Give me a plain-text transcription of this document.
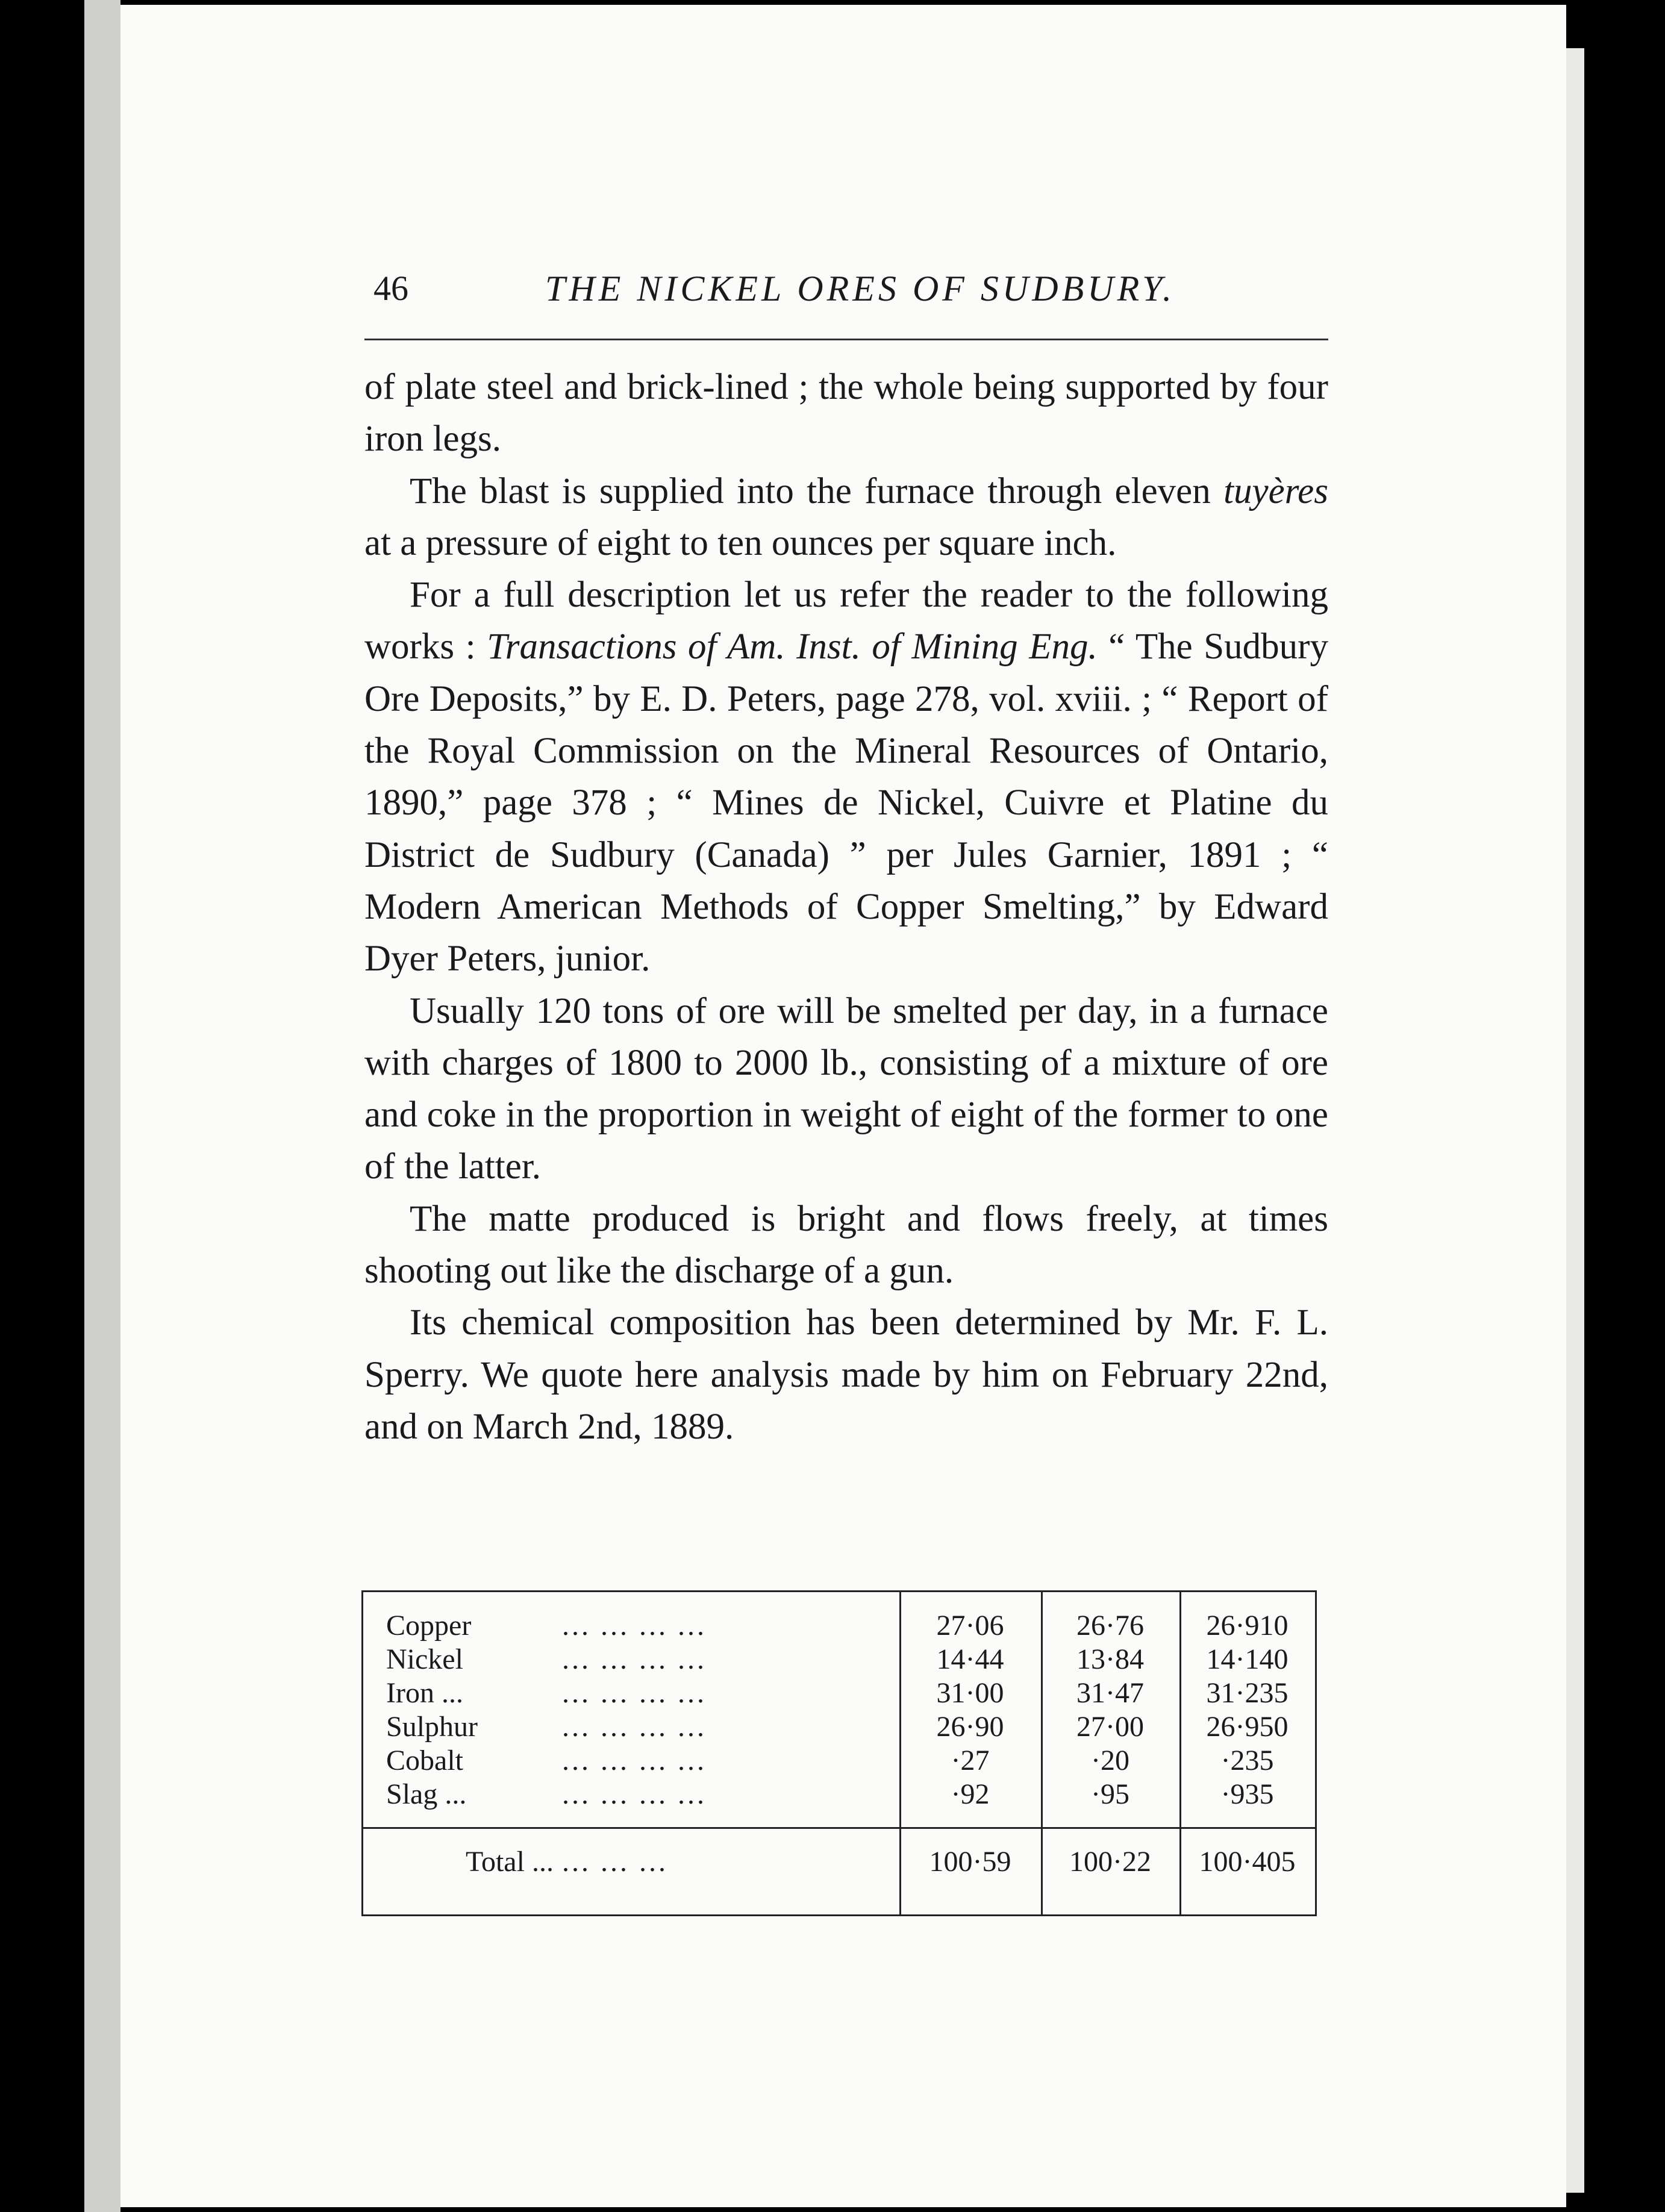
46	THE NICKEL ORES OF SUDBURY.

of plate steel and brick-lined ; the whole being supported by four iron legs.

The blast is supplied into the furnace through eleven tuyères at a pressure of eight to ten ounces per square inch.

For a full description let us refer the reader to the following works : Transactions of Am. Inst. of Mining Eng. “ The Sudbury Ore Deposits,” by E. D. Peters, page 278, vol. xviii. ; “ Report of the Royal Commission on the Mineral Resources of Ontario, 1890,” page 378 ; “ Mines de Nickel, Cuivre et Platine du District de Sudbury (Canada) ” per Jules Garnier, 1891 ; “ Modern American Methods of Copper Smelting,” by Edward Dyer Peters, junior.

Usually 120 tons of ore will be smelted per day, in a furnace with charges of 1800 to 2000 lb., consisting of a mixture of ore and coke in the proportion in weight of eight of the former to one of the latter.

The matte produced is bright and flows freely, at times shooting out like the discharge of a gun.

Its chemical composition has been determined by Mr. F. L. Sperry. We quote here analysis made by him on February 22nd, and on March 2nd, 1889.

Copper	... ... ... ...	27·06	26·76	26·910
Nickel	... ... ... ...	14·44	13·84	14·140
Iron ...	... ... ... ...	31·00	31·47	31·235
Sulphur	... ... ... ...	26·90	27·00	26·950
Cobalt	... ... ... ...	·27	·20	·235
Slag ...	... ... ... ...	·92	·95	·935
Total ... ... ... ...	100·59	100·22	100·405
